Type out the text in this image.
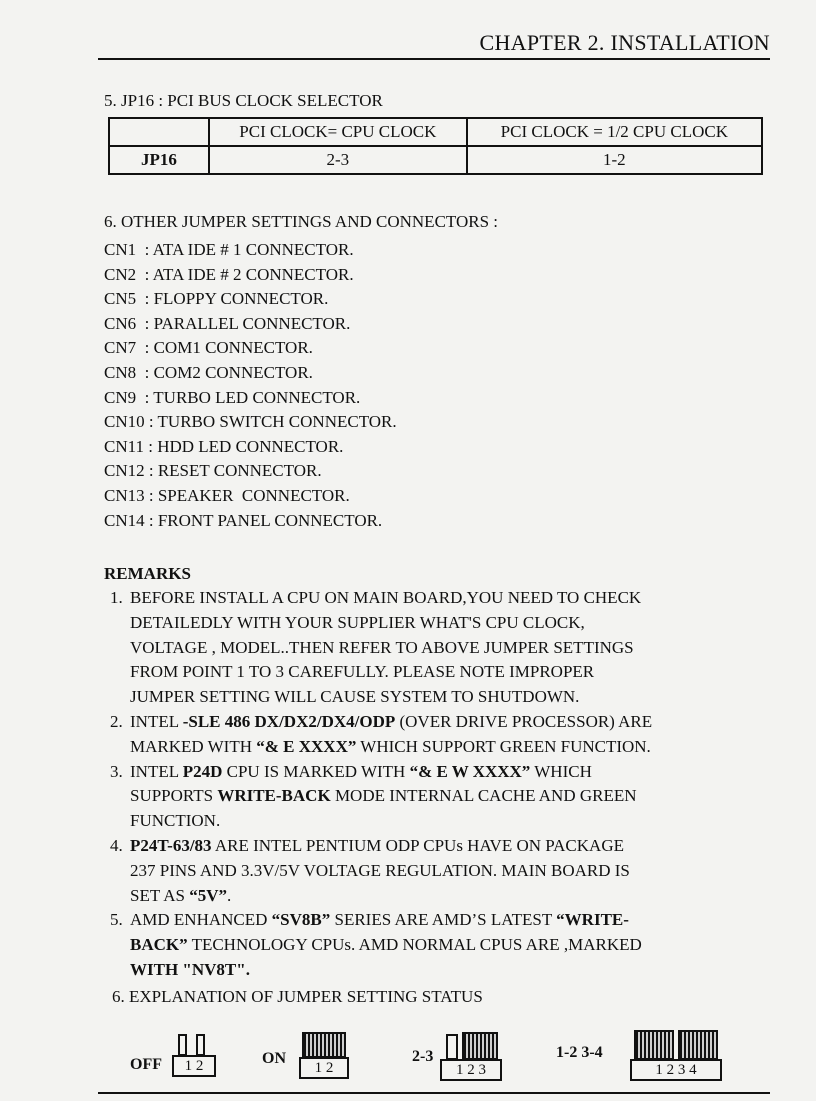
CHAPTER 2. INSTALLATION
5. JP16 : PCI BUS CLOCK SELECTOR
	PCI CLOCK= CPU CLOCK	PCI CLOCK = 1/2 CPU CLOCK
JP16	2-3	1-2
6. OTHER JUMPER SETTINGS AND CONNECTORS :
CN1  : ATA IDE # 1 CONNECTOR.
CN2  : ATA IDE # 2 CONNECTOR.
CN5  : FLOPPY CONNECTOR.
CN6  : PARALLEL CONNECTOR.
CN7  : COM1 CONNECTOR.
CN8  : COM2 CONNECTOR.
CN9  : TURBO LED CONNECTOR.
CN10 : TURBO SWITCH CONNECTOR.
CN11 : HDD LED CONNECTOR.
CN12 : RESET CONNECTOR.
CN13 : SPEAKER  CONNECTOR.
CN14 : FRONT PANEL CONNECTOR.
REMARKS
1. BEFORE INSTALL A CPU ON MAIN BOARD,YOU NEED TO CHECK
DETAILEDLY WITH YOUR SUPPLIER WHAT'S CPU CLOCK,
VOLTAGE , MODEL..THEN REFER TO ABOVE JUMPER SETTINGS
FROM POINT 1 TO 3 CAREFULLY. PLEASE NOTE IMPROPER
JUMPER SETTING WILL CAUSE SYSTEM TO SHUTDOWN.
2. INTEL -SLE 486 DX/DX2/DX4/ODP (OVER DRIVE PROCESSOR) ARE
MARKED WITH “& E XXXX” WHICH SUPPORT GREEN FUNCTION.
3. INTEL P24D CPU IS MARKED WITH “& E W XXXX” WHICH
SUPPORTS WRITE-BACK MODE INTERNAL CACHE AND GREEN
FUNCTION.
4. P24T-63/83 ARE INTEL PENTIUM ODP CPUs HAVE ON PACKAGE
237 PINS AND 3.3V/5V VOLTAGE REGULATION. MAIN BOARD IS
SET AS “5V”.
5. AMD ENHANCED “SV8B” SERIES ARE AMD’S LATEST “WRITE-
BACK” TECHNOLOGY CPUs. AMD NORMAL CPUS ARE ,MARKED
WITH "NV8T".
6. EXPLANATION OF JUMPER SETTING STATUS
OFF	1 2	ON
1 2
2-3
1 2 3
1-2 3-4
1 2 3 4
